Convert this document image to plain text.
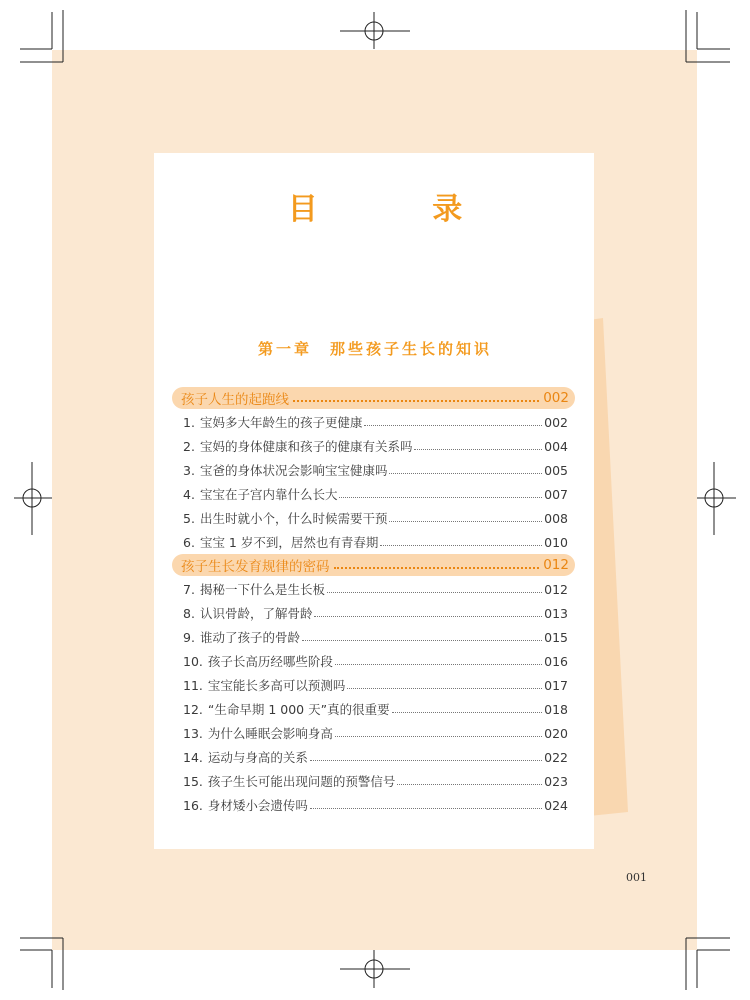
目 录
第一章　那些孩子生长的知识
孩子人生的起跑线	002
1. 宝妈多大年龄生的孩子更健康	002
2. 宝妈的身体健康和孩子的健康有关系吗	004
3. 宝爸的身体状况会影响宝宝健康吗	005
4. 宝宝在子宫内靠什么长大	007
5. 出生时就小个，什么时候需要干预	008
6. 宝宝 1 岁不到，居然也有青春期	010
孩子生长发育规律的密码	012
7. 揭秘一下什么是生长板	012
8. 认识骨龄，了解骨龄	013
9. 谁动了孩子的骨龄	015
10. 孩子长高历经哪些阶段	016
11. 宝宝能长多高可以预测吗	017
12. “生命早期 1 000 天”真的很重要	018
13. 为什么睡眠会影响身高	020
14. 运动与身高的关系	022
15. 孩子生长可能出现问题的预警信号	023
16. 身材矮小会遗传吗	024
001
